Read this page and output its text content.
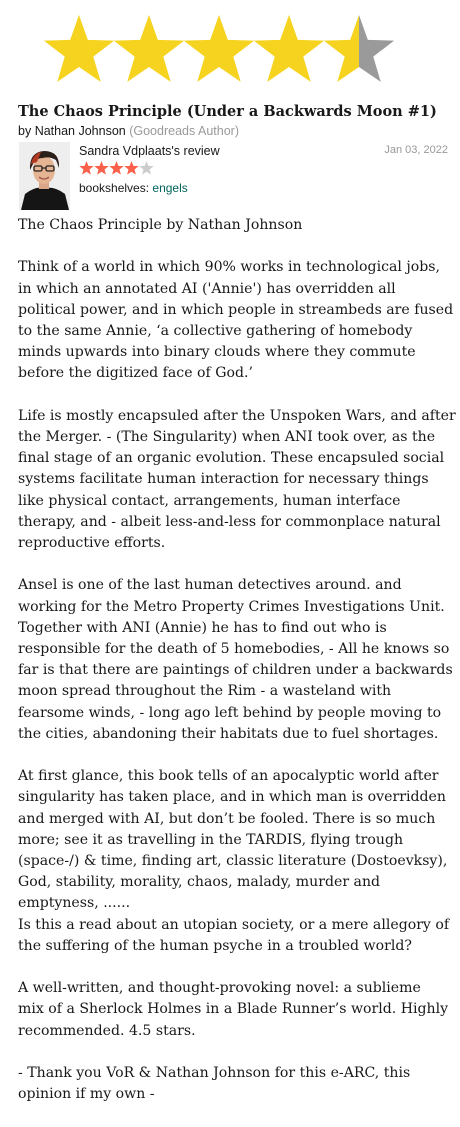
The Chaos Principle (Under a Backwards Moon #1)
by Nathan Johnson (Goodreads Author)
Sandra Vdplaats's review	Jan 03, 2022
bookshelves: engels

The Chaos Principle by Nathan Johnson

Think of a world in which 90% works in technological jobs,
in which an annotated AI ('Annie') has overridden all
political power, and in which people in streambeds are fused
to the same Annie, ‘a collective gathering of homebody
minds upwards into binary clouds where they commute
before the digitized face of God.’

Life is mostly encapsuled after the Unspoken Wars, and after
the Merger. - (The Singularity) when ANI took over, as the
final stage of an organic evolution. These encapsuled social
systems facilitate human interaction for necessary things
like physical contact, arrangements, human interface
therapy, and - albeit less-and-less for commonplace natural
reproductive efforts.

Ansel is one of the last human detectives around. and
working for the Metro Property Crimes Investigations Unit.
Together with ANI (Annie) he has to find out who is
responsible for the death of 5 homebodies, - All he knows so
far is that there are paintings of children under a backwards
moon spread throughout the Rim - a wasteland with
fearsome winds, - long ago left behind by people moving to
the cities, abandoning their habitats due to fuel shortages.

At first glance, this book tells of an apocalyptic world after
singularity has taken place, and in which man is overridden
and merged with AI, but don’t be fooled. There is so much
more; see it as travelling in the TARDIS, flying trough
(space-/) & time, finding art, classic literature (Dostoevksy),
God, stability, morality, chaos, malady, murder and
emptyness, ......
Is this a read about an utopian society, or a mere allegory of
the suffering of the human psyche in a troubled world?

A well-written, and thought-provoking novel: a sublieme
mix of a Sherlock Holmes in a Blade Runner’s world. Highly
recommended. 4.5 stars.

- Thank you VoR & Nathan Johnson for this e-ARC, this
opinion if my own -
